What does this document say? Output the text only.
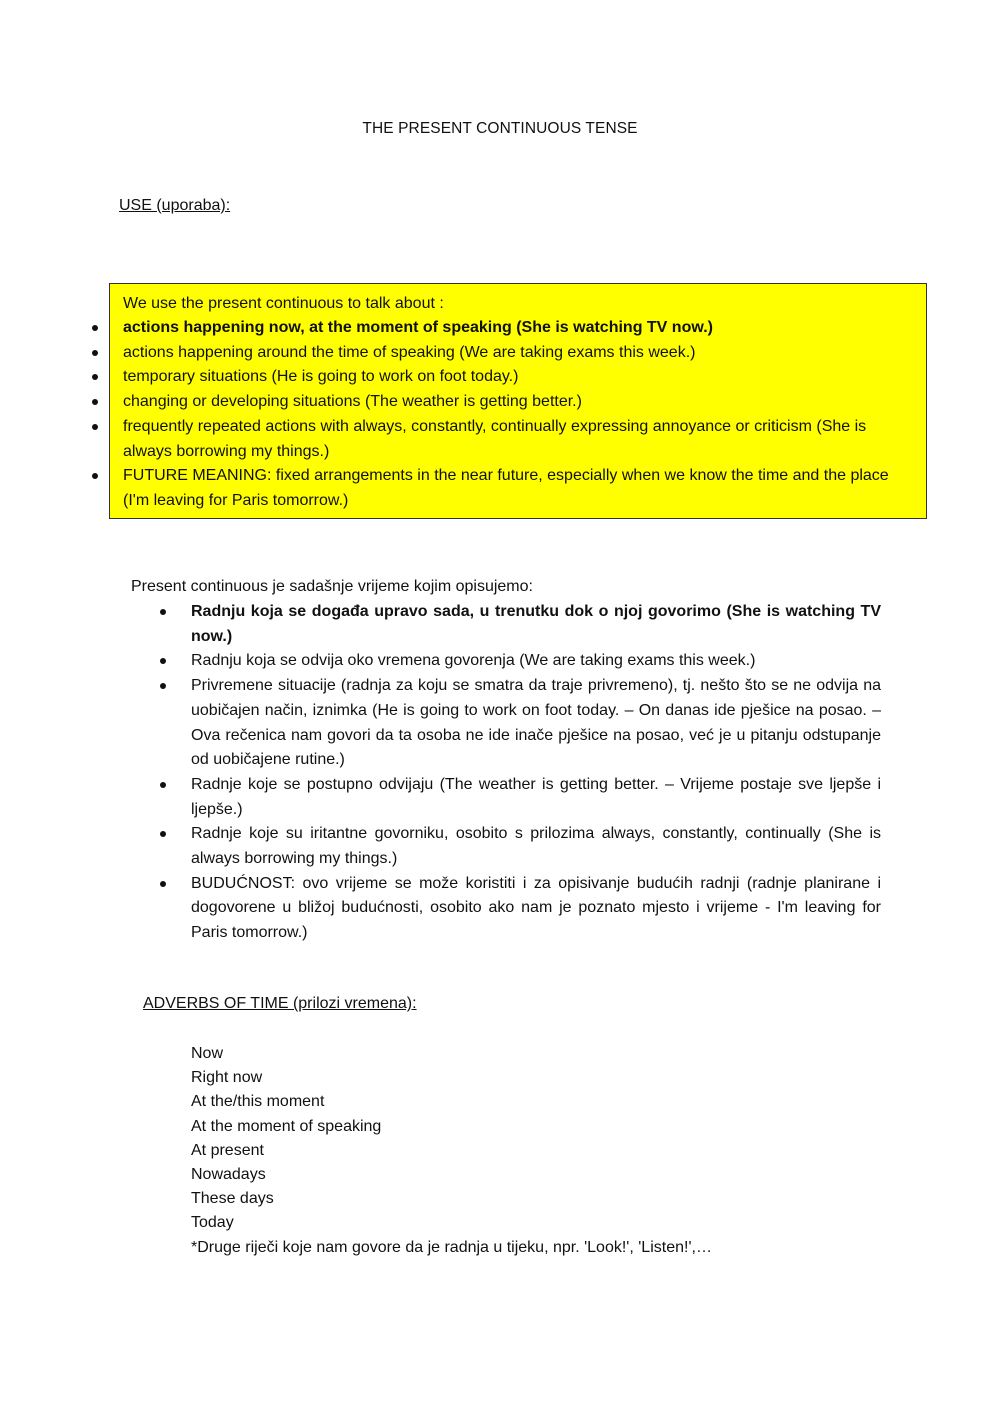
THE PRESENT CONTINUOUS TENSE
USE (uporaba):
We use the present continuous to talk about :
actions happening now, at the moment of speaking (She is watching TV now.)
actions happening around the time of speaking (We are taking exams this week.)
temporary situations (He is going to work on foot today.)
changing or developing situations (The weather is getting better.)
frequently repeated actions with always, constantly, continually expressing annoyance or criticism (She is always borrowing my things.)
FUTURE MEANING: fixed arrangements in the near future, especially when we know the time and the place (I'm leaving for Paris tomorrow.)
Present continuous je sadašnje vrijeme kojim opisujemo:
Radnju koja se događa upravo sada, u trenutku dok o njoj govorimo (She is watching TV now.)
Radnju koja se odvija oko vremena govorenja (We are taking exams this week.)
Privremene situacije (radnja za koju se smatra da traje privremeno), tj. nešto što se ne odvija na uobičajen način, iznimka (He is going to work on foot today. – On danas ide pješice na posao. – Ova rečenica nam govori da ta osoba ne ide inače pješice na posao, već je u pitanju odstupanje od uobičajene rutine.)
Radnje koje se postupno odvijaju (The weather is getting better. – Vrijeme postaje sve ljepše i ljepše.)
Radnje koje su iritantne govorniku, osobito s prilozima always, constantly, continually (She is always borrowing my things.)
BUDUĆNOST: ovo vrijeme se može koristiti i za opisivanje budućih radnji (radnje planirane i dogovorene u bližoj budućnosti, osobito ako nam je poznato mjesto i vrijeme - I'm leaving for Paris tomorrow.)
ADVERBS OF TIME (prilozi vremena):
Now
Right now
At the/this moment
At the moment of speaking
At present
Nowadays
These days
Today
*Druge riječi koje nam govore da je radnja u tijeku, npr. 'Look!', 'Listen!',…
